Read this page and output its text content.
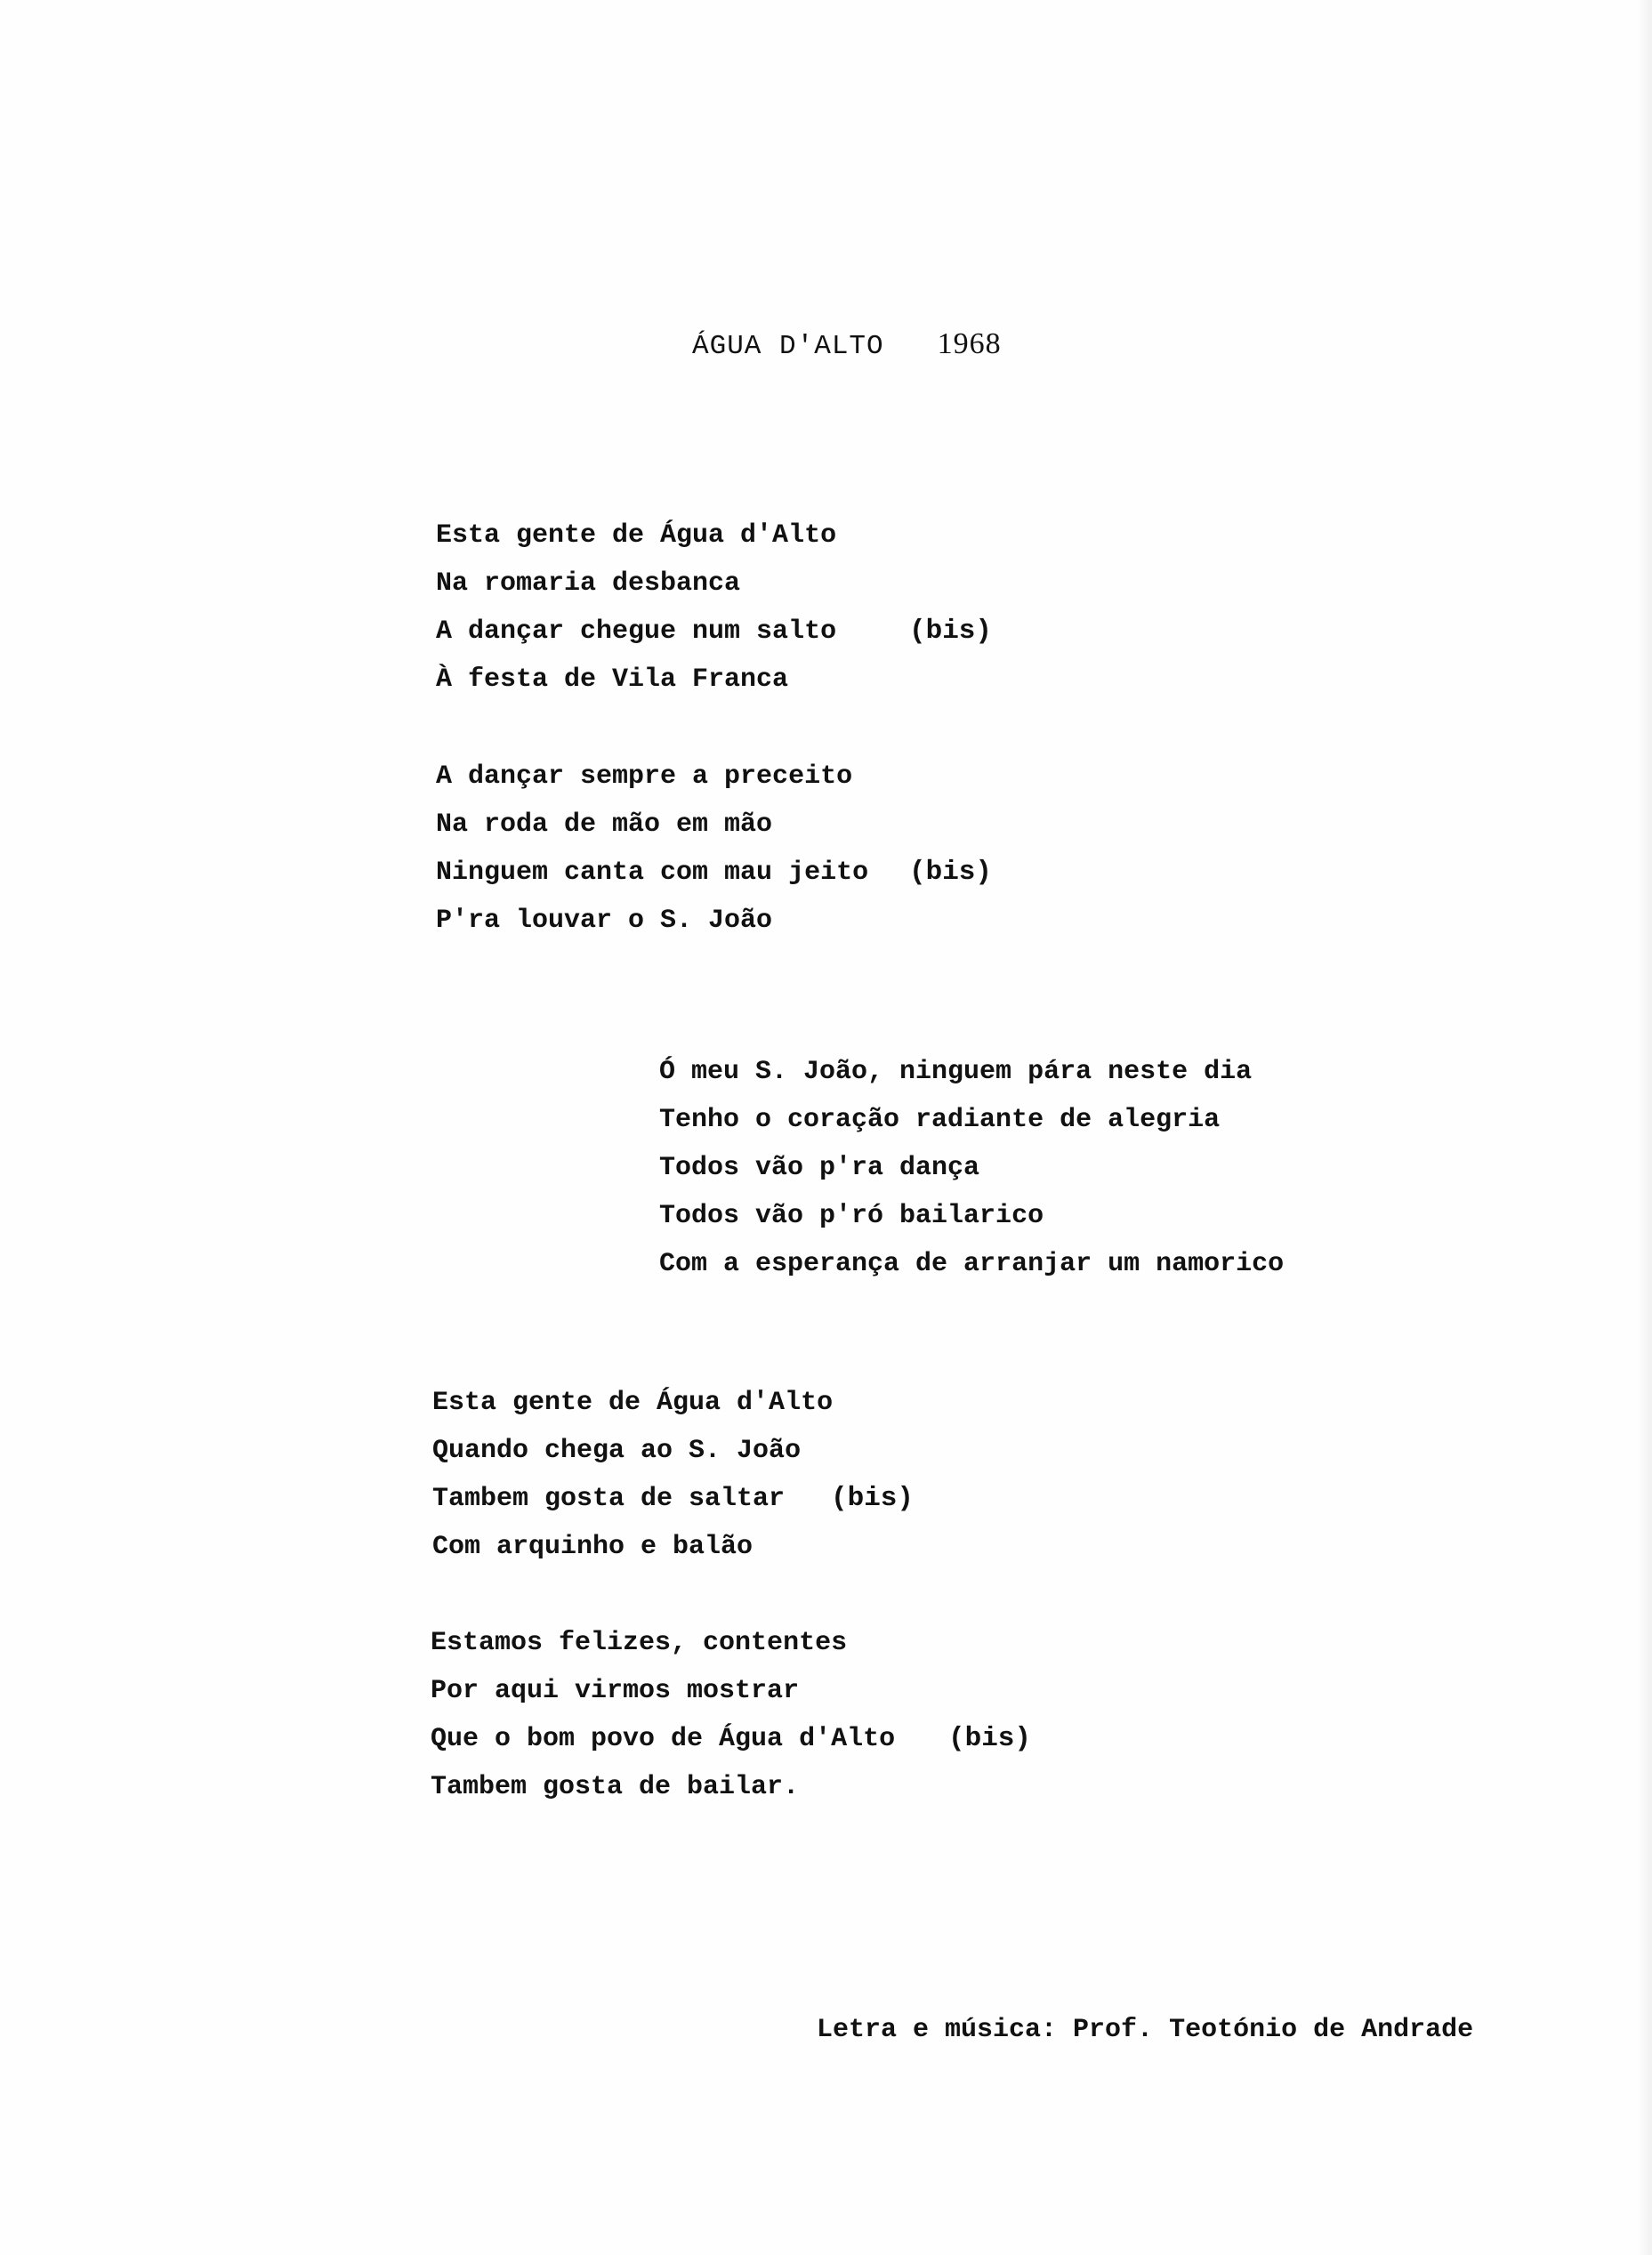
ÁGUA D'ALTO 1968
Esta gente de Água d'Alto
Na romaria desbanca
A dançar chegue num salto	(bis)
À festa de Vila Franca
A dançar sempre a preceito
Na roda de mão em mão
Ninguem canta com mau jeito (bis)
P'ra louvar o S. João
Ó meu S. João, ninguem pára neste dia
Tenho o coração radiante de alegria
Todos vão p'ra dança
Todos vão p'ró bailarico
Com a esperança de arranjar um namorico
Esta gente de Água d'Alto
Quando chega ao S. João
Tambem gosta de saltar (bis)
Com arquinho e balão
Estamos felizes, contentes
Por aqui virmos mostrar
Que o bom povo de Água d'Alto (bis)
Tambem gosta de bailar.
Letra e música: Prof. Teotónio de Andrade
